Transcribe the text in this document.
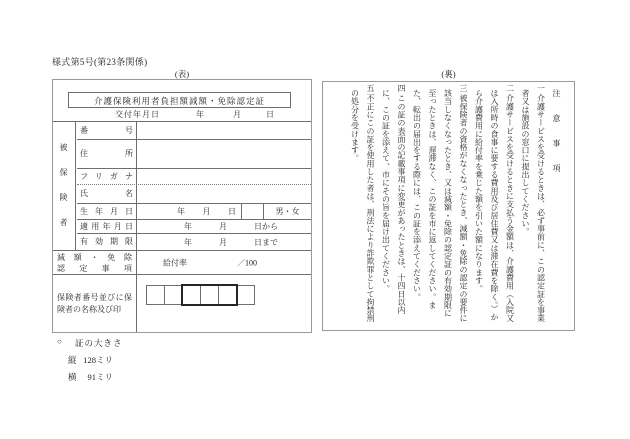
様式第5号(第23条関係)
(表)	(裏)
介護保険利用者負担額減額・免除認定証
交付年月日	年	月	日
被保険者
番号
住所
フリガナ
氏名
生年月日	年 月 日	男・女
適用年月日	年	月	日から
有効期限	年	月	日まで
減額・免除
認定事項
給付率	／100
保険者番号並びに保険者の名称及び印

注意事項

一介護サービスを受けるときは、必ず事前に、この認定証を事業者又は施設の窓口に提出してください。

二介護サービスを受けるときに支払う金額は、介護費用（入院又は入所時の食事に要する費用及び居住費又は滞在費を除く。）から介護費用に給付率を乗じた額を引いた額になります。

三被保険者の資格がなくなったとき、減額・免除の認定の要件に該当しなくなったとき、又は減額・免除の認定証の有効期限に至ったときは、遅滞なく、この証を市に返してください。また、転出の届出をする際には、この証を添えてください。

四この証の表面の記載事項に変更があったときは、十四日以内に、この証を添えて、市にその旨を届け出てください。

五不正にこの証を使用した者は、刑法により詐欺罪として拘禁刑の処分を受けます。

○ 証の大きさ
縦 128ミリ
横	91ミリ
